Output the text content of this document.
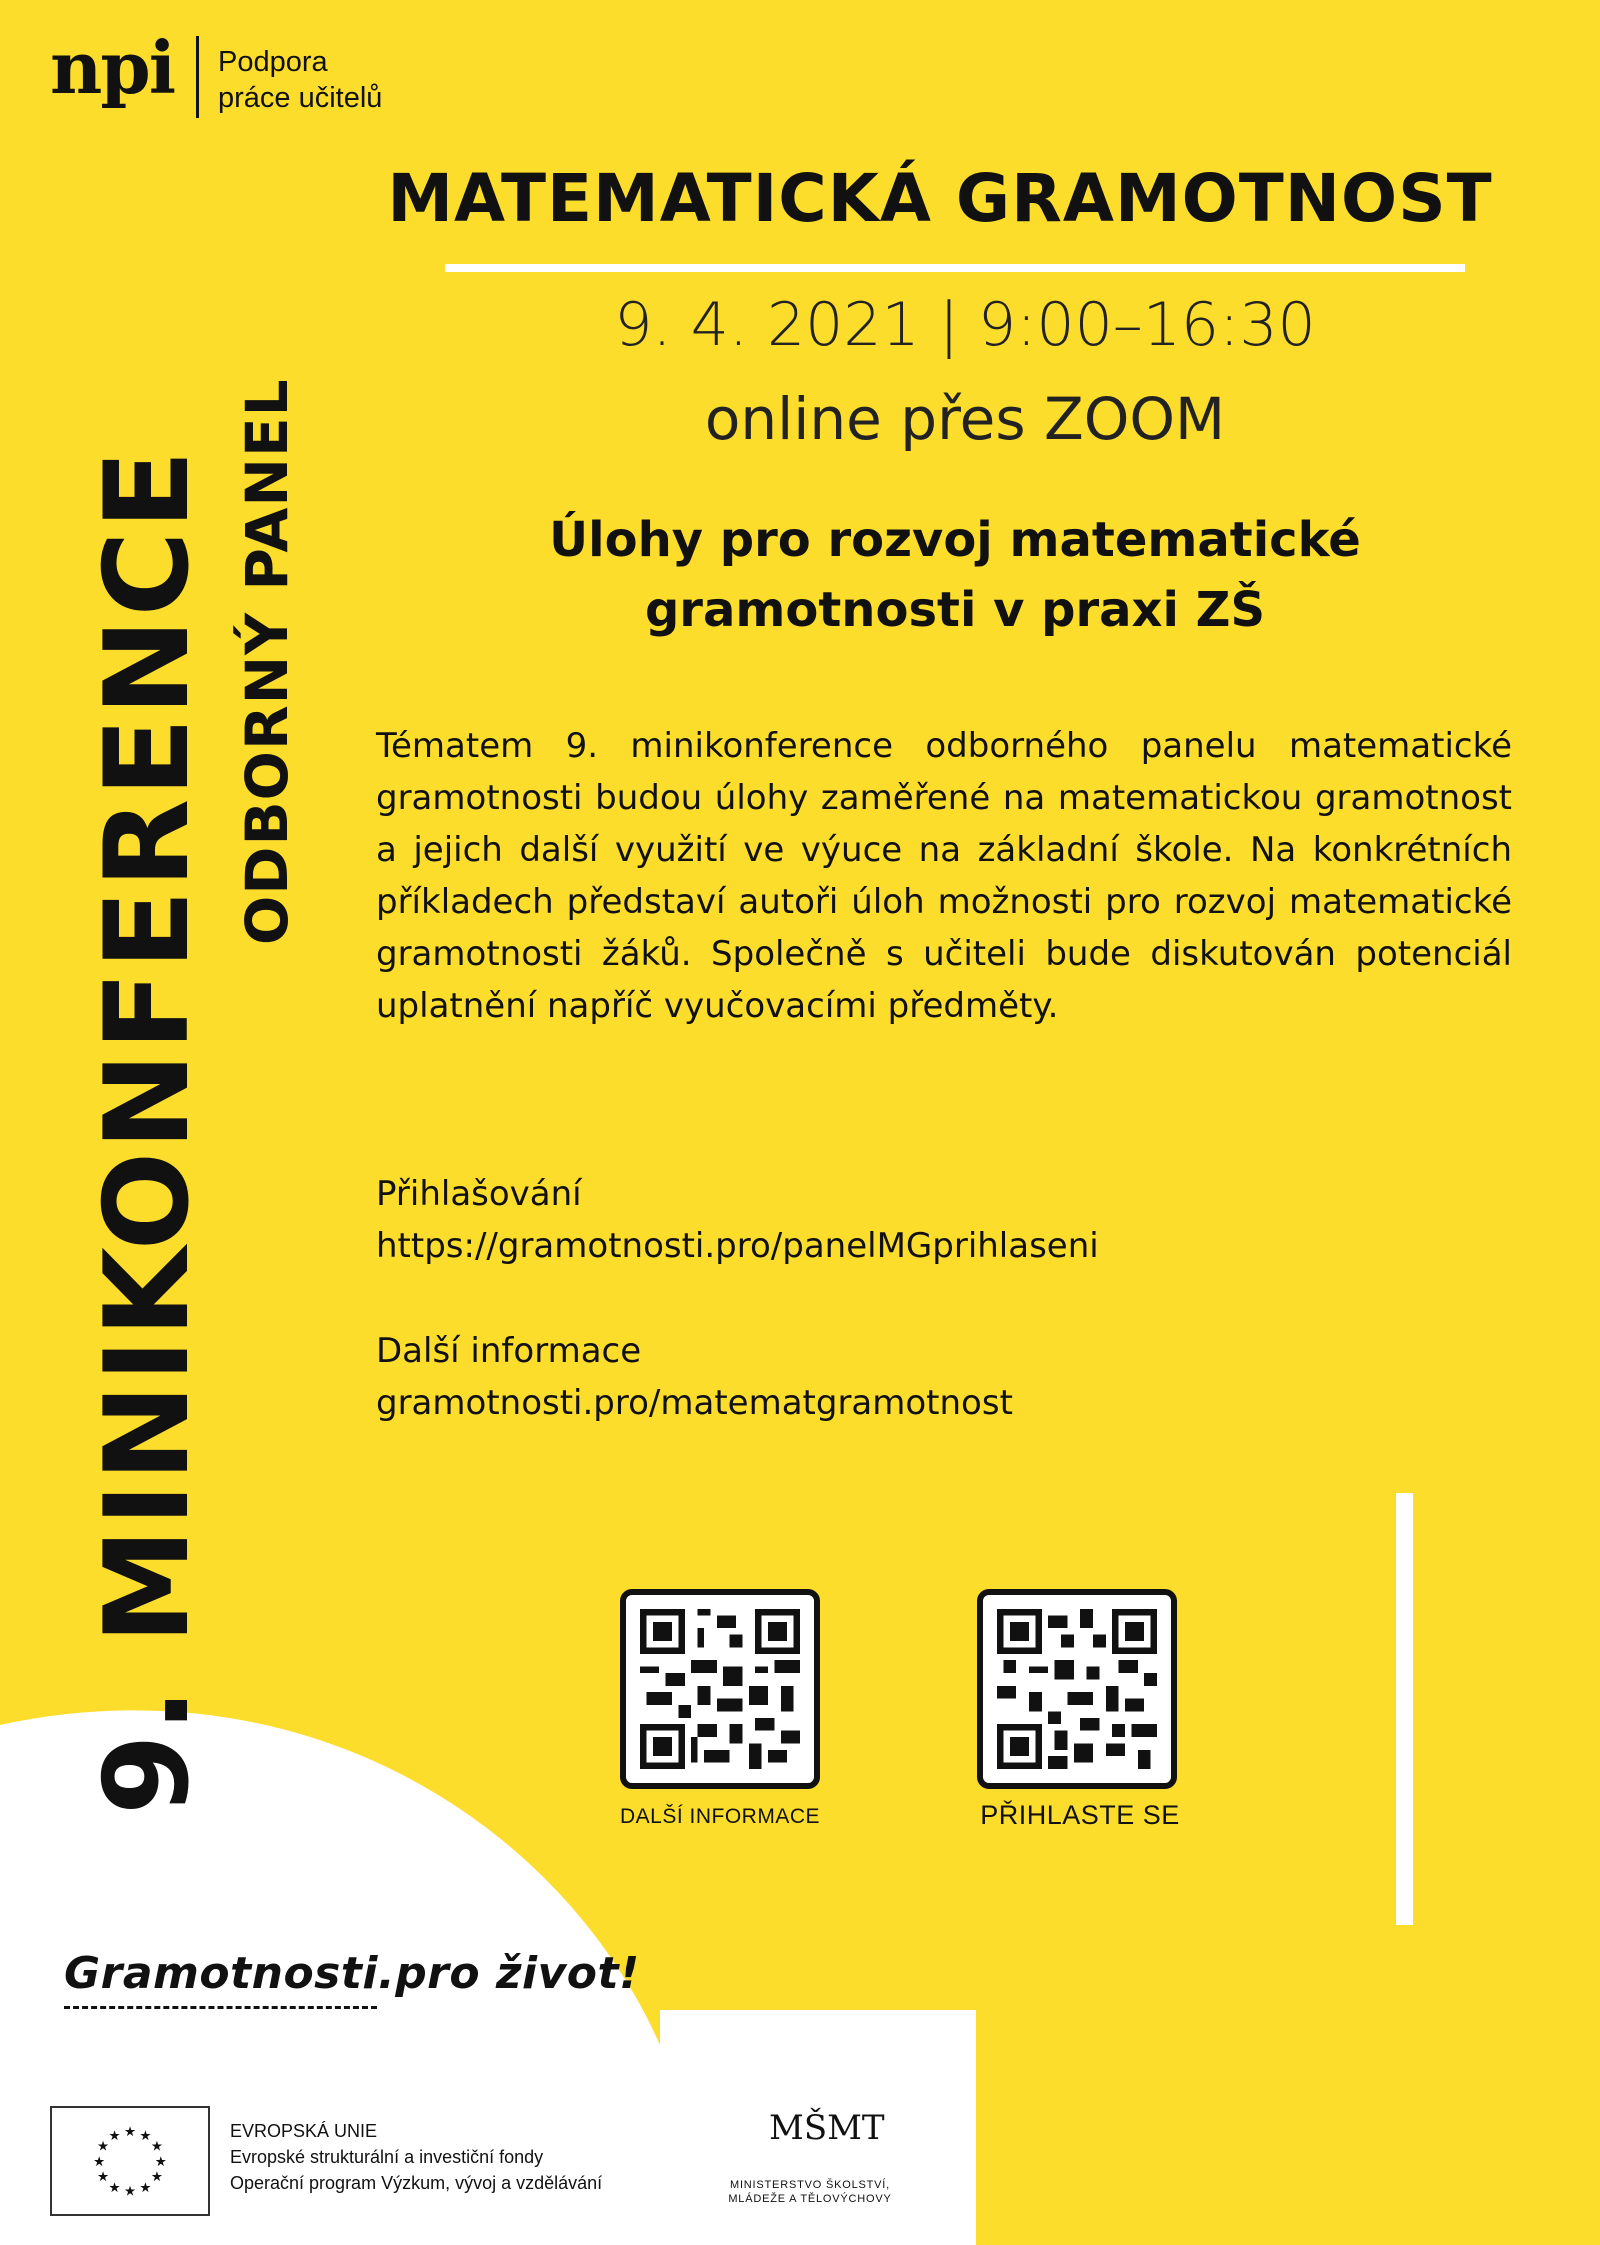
npi Podpora
práce učitelů
9. MINIKONFERENCE ODBORNÝ PANEL
MATEMATICKÁ GRAMOTNOST
9. 4. 2021 | 9:00–16:30
online přes ZOOM
Úlohy pro rozvoj matematické
gramotnosti v praxi ZŠ
Tématem 9. minikonference odborného panelu matematické gramotnosti budou úlohy zaměřené na matematickou gramotnost a jejich další využití ve výuce na základní škole. Na konkrétních příkladech představí autoři úloh možnosti pro rozvoj matematické gramotnosti žáků. Společně s učiteli bude diskutován potenciál uplatnění napříč vyučovacími předměty.
Přihlašování
https://gramotnosti.pro/panelMGprihlaseni
Další informace
gramotnosti.pro/matematgramotnost
DALŠÍ INFORMACE	PŘIHLASTE SE
Gramotnosti.pro život!
★ ★
★
★
★
★
★
★
★
★
★
★	EVROPSKÁ UNIE
Evropské strukturální a investiční fondy
Operační program Výzkum, vývoj a vzdělávání
MŠMT
MINISTERSTVO ŠKOLSTVÍ,
MLÁDEŽE A TĚLOVÝCHOVY
